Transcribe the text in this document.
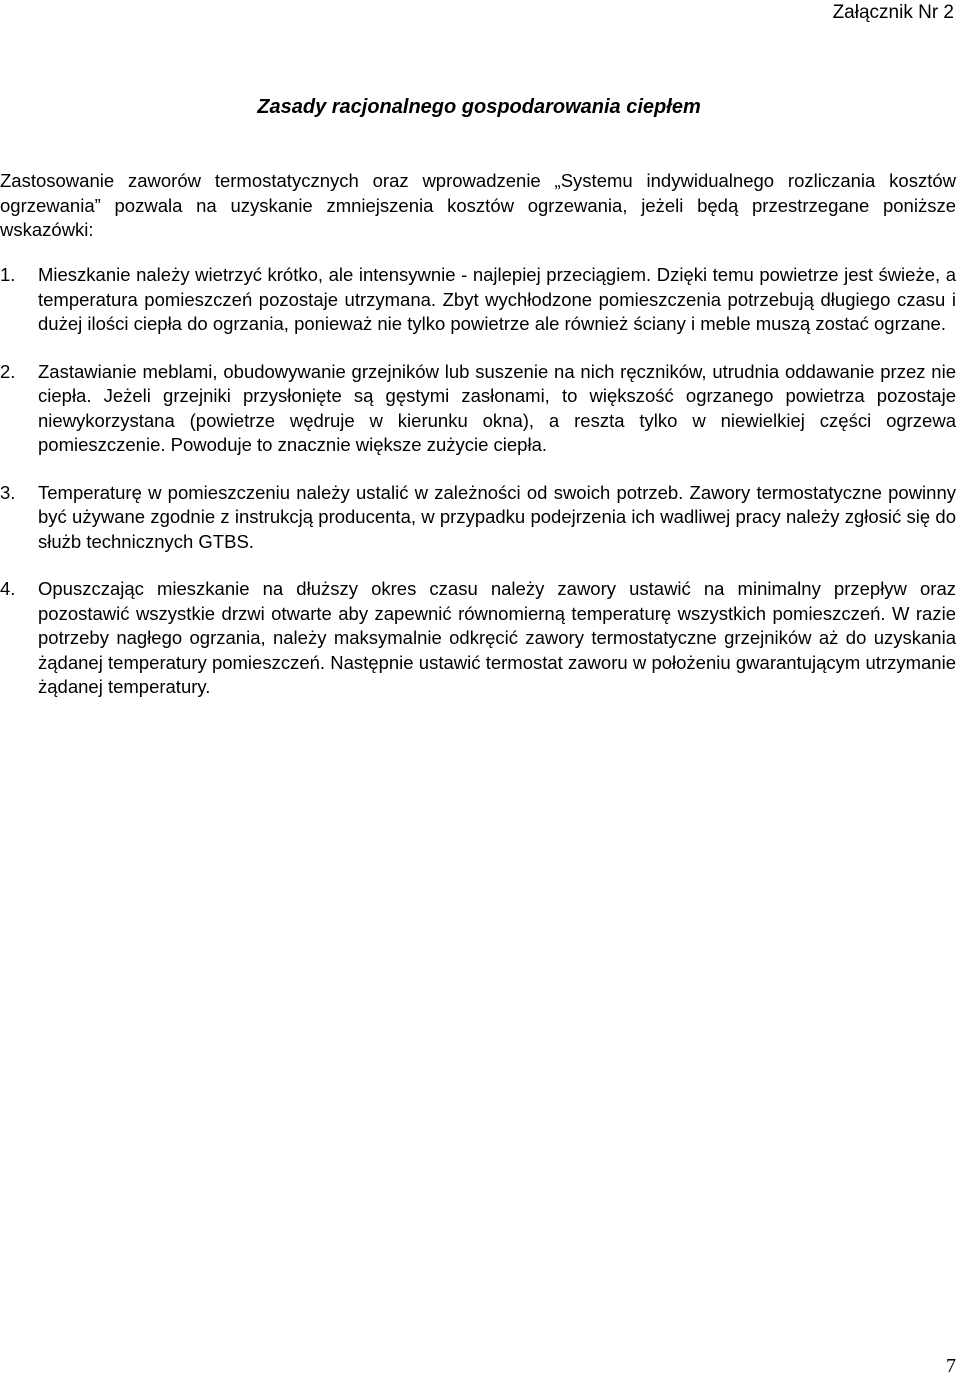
Załącznik Nr 2
Zasady racjonalnego gospodarowania ciepłem

Zastosowanie zaworów termostatycznych oraz wprowadzenie „Systemu indywidualnego rozliczania kosztów ogrzewania” pozwala na uzyskanie zmniejszenia kosztów ogrzewania, jeżeli będą przestrzegane poniższe wskazówki:

1. Mieszkanie należy wietrzyć krótko, ale intensywnie - najlepiej przeciągiem. Dzięki temu powietrze jest świeże, a temperatura pomieszczeń pozostaje utrzymana. Zbyt wychłodzone pomieszczenia potrzebują długiego czasu i dużej ilości ciepła do ogrzania, ponieważ nie tylko powietrze ale również ściany i meble muszą zostać ogrzane.
2. Zastawianie meblami, obudowywanie grzejników lub suszenie na nich ręczników, utrudnia oddawanie przez nie ciepła. Jeżeli grzejniki przysłonięte są gęstymi zasłonami, to większość ogrzanego powietrza pozostaje niewykorzystana (powietrze wędruje w kierunku okna), a reszta tylko w niewielkiej części ogrzewa pomieszczenie. Powoduje to znacznie większe zużycie ciepła.
3. Temperaturę w pomieszczeniu należy ustalić w zależności od swoich potrzeb. Zawory termostatyczne powinny być używane zgodnie z instrukcją producenta, w przypadku podejrzenia ich wadliwej pracy należy zgłosić się do służb technicznych GTBS.
4. Opuszczając mieszkanie na dłuższy okres czasu należy zawory ustawić na minimalny przepływ oraz pozostawić wszystkie drzwi otwarte aby zapewnić równomierną temperaturę wszystkich pomieszczeń. W razie potrzeby nagłego ogrzania, należy maksymalnie odkręcić zawory termostatyczne grzejników aż do uzyskania żądanej temperatury pomieszczeń. Następnie ustawić termostat zaworu w położeniu gwarantującym utrzymanie żądanej temperatury.
7
